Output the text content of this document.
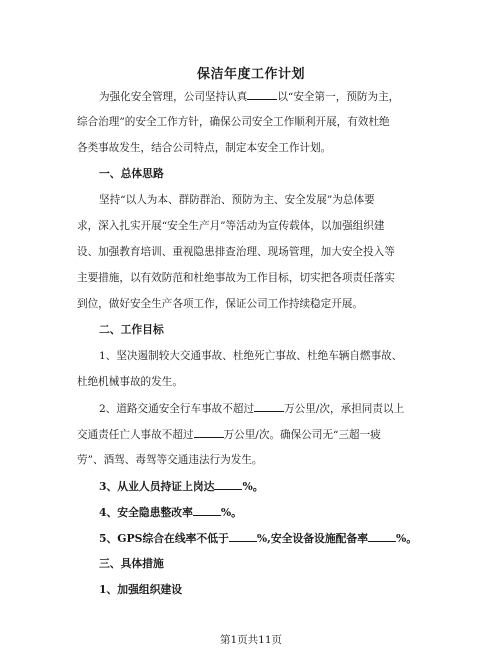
保洁年度工作计划
为强化安全管理，公司坚持认真	以“安全第一，预防为主，
综合治理”的安全工作方针，确保公司安全工作顺利开展，有效杜绝
各类事故发生，结合公司特点，制定本安全工作计划。
一、总体思路
坚持“以人为本、群防群治、预防为主、安全发展”为总体要
求，深入扎实开展“安全生产月”等活动为宣传载体，以加强组织建
设、加强教育培训、重视隐患排查治理、现场管理，加大安全投入等
主要措施，以有效防范和杜绝事故为工作目标，切实把各项责任落实
到位，做好安全生产各项工作，保证公司工作持续稳定开展。
二、工作目标
1、坚决遏制较大交通事故、杜绝死亡事故、杜绝车辆自燃事故、
杜绝机械事故的发生。
2、道路交通安全行车事故不超过	万公里/次，承担同责以上
交通责任亡人事故不超过	万公里/次。确保公司无“三超一疲
劳”、酒驾、毒驾等交通违法行为发生。
3、从业人员持证上岗达	%。
4、安全隐患整改率	%。
5、GPS综合在线率不低于	%,安全设备设施配备率	%。
三、具体措施
1、加强组织建设
第1页共11页
